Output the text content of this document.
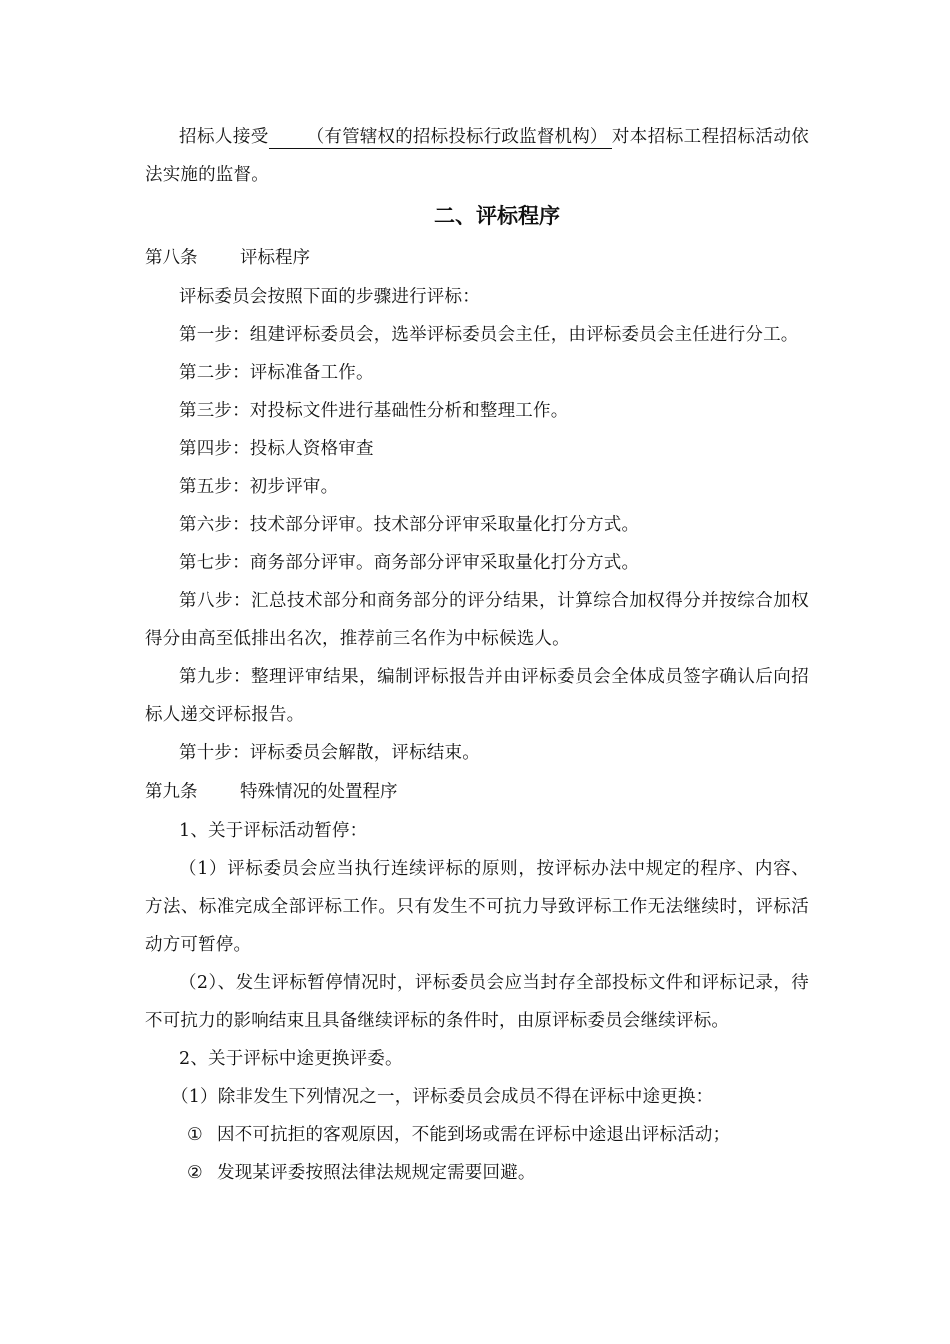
招标人接受 （有管辖权的招标投标行政监督机构） 对本招标工程招标活动依法实施的监督。

二、评标程序

第八条 评标程序

评标委员会按照下面的步骤进行评标：

第一步：组建评标委员会，选举评标委员会主任，由评标委员会主任进行分工。

第二步：评标准备工作。

第三步：对投标文件进行基础性分析和整理工作。

第四步：投标人资格审查

第五步：初步评审。

第六步：技术部分评审。技术部分评审采取量化打分方式。

第七步：商务部分评审。商务部分评审采取量化打分方式。

第八步：汇总技术部分和商务部分的评分结果，计算综合加权得分并按综合加权得分由高至低排出名次，推荐前三名作为中标候选人。

第九步：整理评审结果，编制评标报告并由评标委员会全体成员签字确认后向招标人递交评标报告。

第十步：评标委员会解散，评标结束。

第九条 特殊情况的处置程序

1、关于评标活动暂停：

（1）评标委员会应当执行连续评标的原则，按评标办法中规定的程序、内容、方法、标准完成全部评标工作。只有发生不可抗力导致评标工作无法继续时，评标活动方可暂停。

（2）、发生评标暂停情况时，评标委员会应当封存全部投标文件和评标记录，待不可抗力的影响结束且具备继续评标的条件时，由原评标委员会继续评标。

2、关于评标中途更换评委。

（1）除非发生下列情况之一，评标委员会成员不得在评标中途更换：

① 因不可抗拒的客观原因，不能到场或需在评标中途退出评标活动；

② 发现某评委按照法律法规规定需要回避。
